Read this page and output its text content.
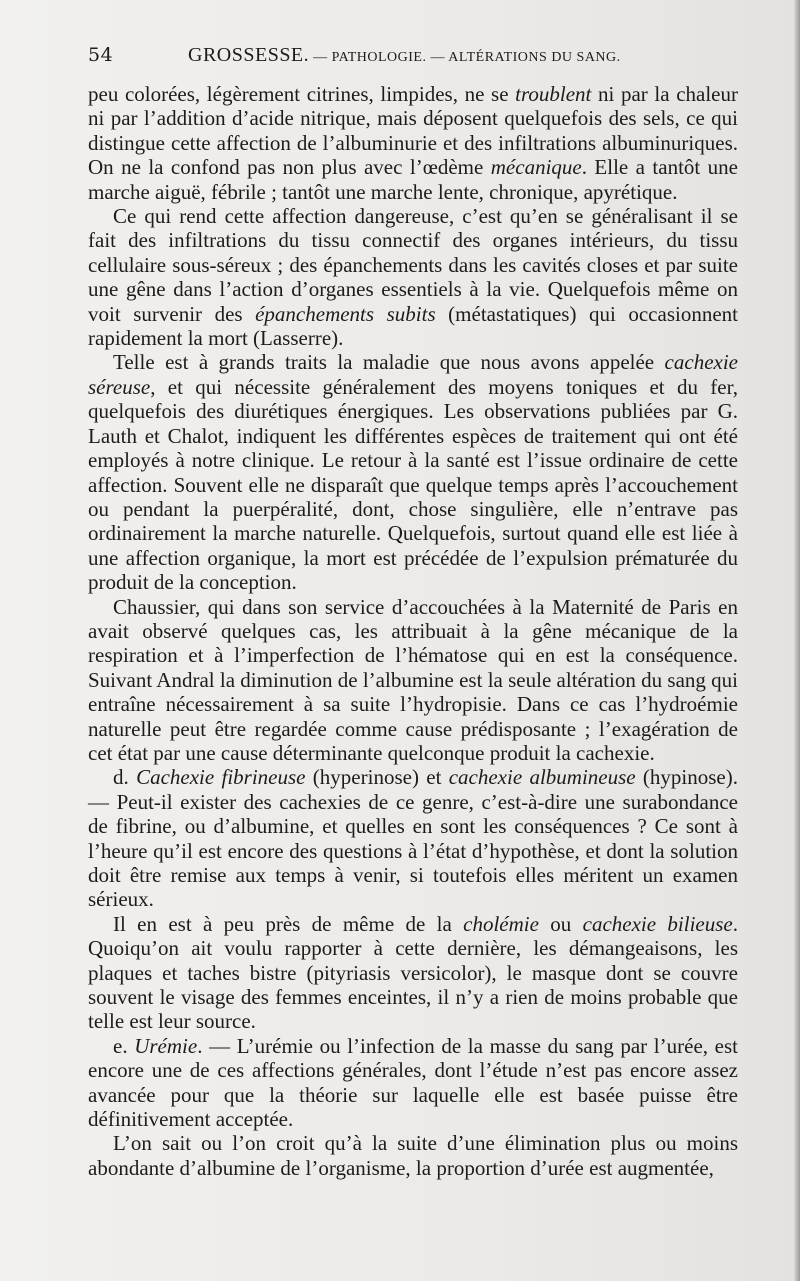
54	GROSSESSE. — PATHOLOGIE. — ALTÉRATIONS DU SANG.

peu colorées, légèrement citrines, limpides, ne se troublent ni par la chaleur ni par l’addition d’acide nitrique, mais déposent quelquefois des sels, ce qui distingue cette affection de l’albuminurie et des infiltrations albuminuriques. On ne la confond pas non plus avec l’œdème mécanique. Elle a tantôt une marche aiguë, fébrile ; tantôt une marche lente, chronique, apyrétique.

Ce qui rend cette affection dangereuse, c’est qu’en se généralisant il se fait des infiltrations du tissu connectif des organes intérieurs, du tissu cellulaire sous-séreux ; des épanchements dans les cavités closes et par suite une gêne dans l’action d’organes essentiels à la vie. Quelquefois même on voit survenir des épanchements subits (métastatiques) qui occasionnent rapidement la mort (Lasserre).

Telle est à grands traits la maladie que nous avons appelée cachexie séreuse, et qui nécessite généralement des moyens toniques et du fer, quelquefois des diurétiques énergiques. Les observations publiées par G. Lauth et Chalot, indiquent les différentes espèces de traitement qui ont été employés à notre clinique. Le retour à la santé est l’issue ordinaire de cette affection. Souvent elle ne disparaît que quelque temps après l’accouchement ou pendant la puerpéralité, dont, chose singulière, elle n’entrave pas ordinairement la marche naturelle. Quelquefois, surtout quand elle est liée à une affection organique, la mort est précédée de l’expulsion prématurée du produit de la conception.

Chaussier, qui dans son service d’accouchées à la Maternité de Paris en avait observé quelques cas, les attribuait à la gêne mécanique de la respiration et à l’imperfection de l’hématose qui en est la conséquence. Suivant Andral la diminution de l’albumine est la seule altération du sang qui entraîne nécessairement à sa suite l’hydropisie. Dans ce cas l’hydroémie naturelle peut être regardée comme cause prédisposante ; l’exagération de cet état par une cause déterminante quelconque produit la cachexie.

d. Cachexie fibrineuse (hyperinose) et cachexie albumineuse (hypinose). — Peut-il exister des cachexies de ce genre, c’est-à-dire une surabondance de fibrine, ou d’albumine, et quelles en sont les conséquences ? Ce sont à l’heure qu’il est encore des questions à l’état d’hypothèse, et dont la solution doit être remise aux temps à venir, si toutefois elles méritent un examen sérieux.

Il en est à peu près de même de la cholémie ou cachexie bilieuse. Quoiqu’on ait voulu rapporter à cette dernière, les démangeaisons, les plaques et taches bistre (pityriasis versicolor), le masque dont se couvre souvent le visage des femmes enceintes, il n’y a rien de moins probable que telle est leur source.

e. Urémie. — L’urémie ou l’infection de la masse du sang par l’urée, est encore une de ces affections générales, dont l’étude n’est pas encore assez avancée pour que la théorie sur laquelle elle est basée puisse être définitivement acceptée.

L’on sait ou l’on croit qu’à la suite d’une élimination plus ou moins abondante d’albumine de l’organisme, la proportion d’urée est augmentée,
